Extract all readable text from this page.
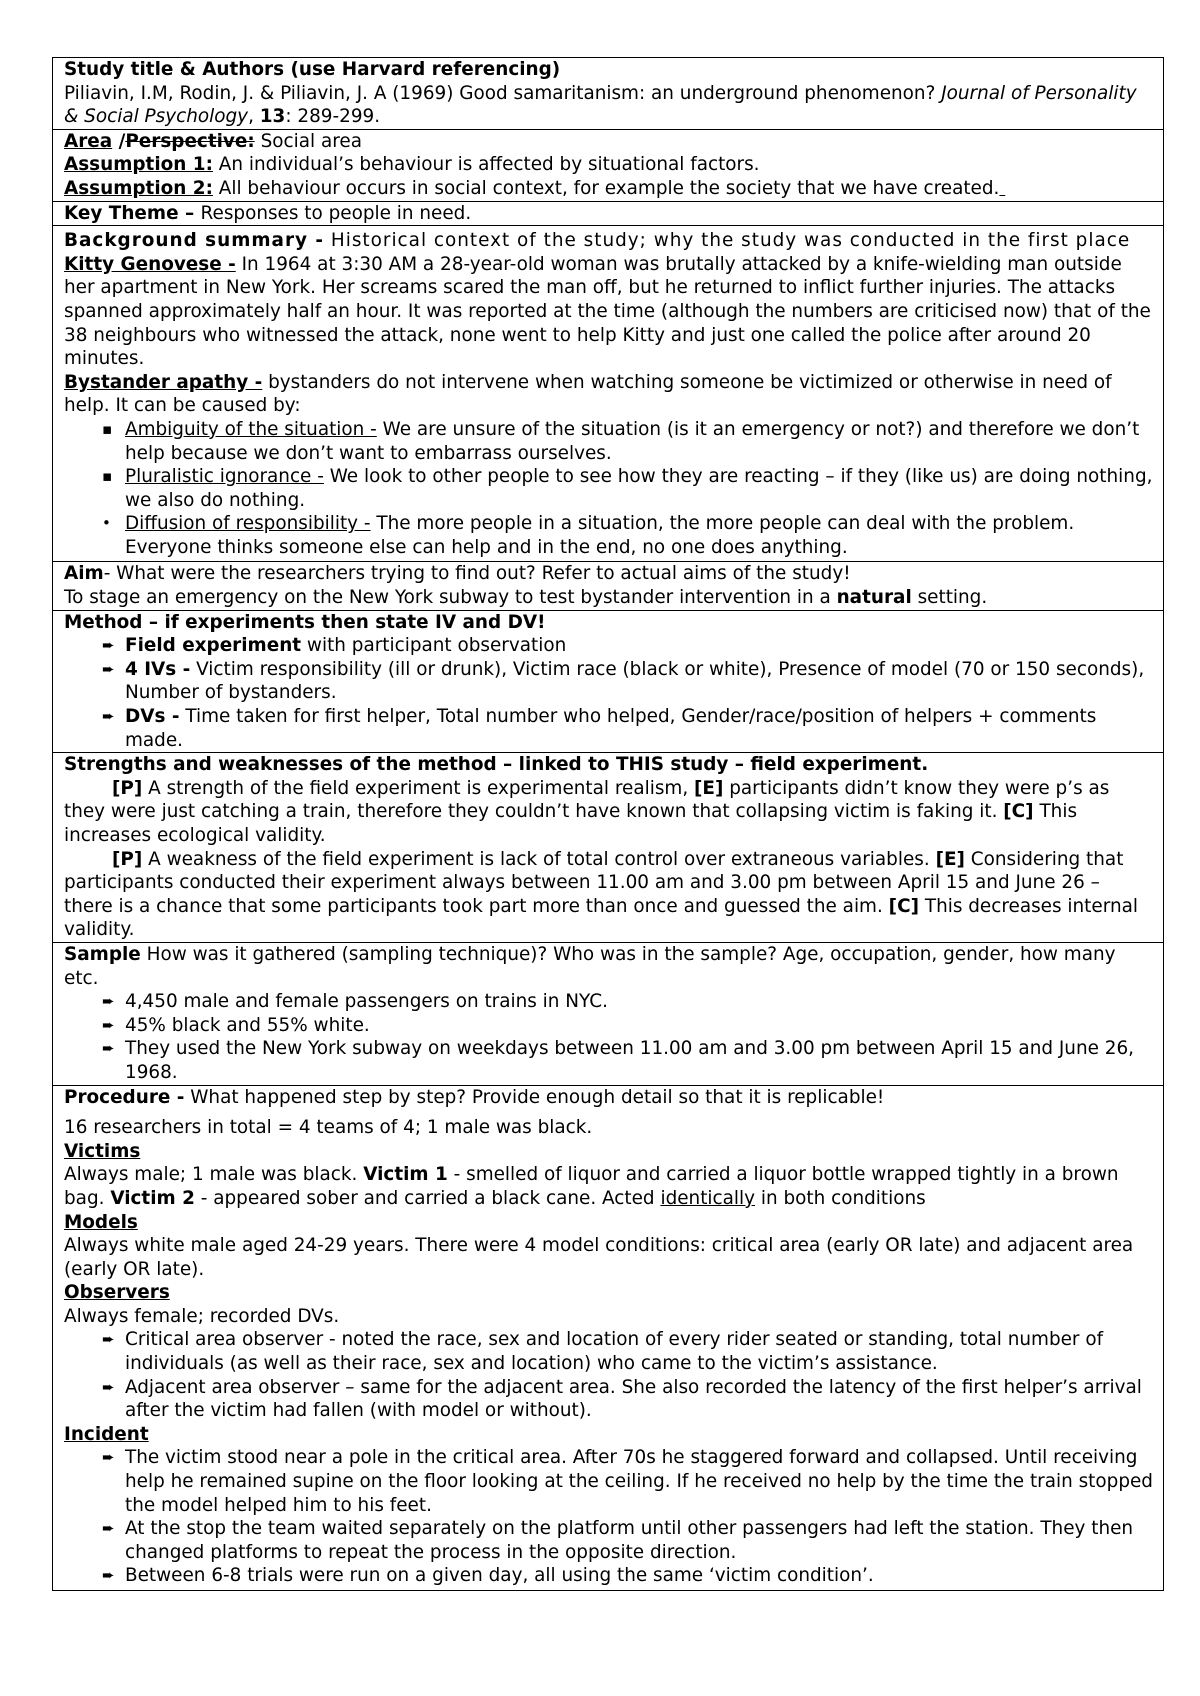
Study title & Authors (use Harvard referencing)
Piliavin, I.M, Rodin, J. & Piliavin, J. A (1969) Good samaritanism: an underground phenomenon? Journal of Personality & Social Psychology, 13: 289-299.
Area /Perspective: Social area
Assumption 1: An individual’s behaviour is affected by situational factors.
Assumption 2: All behaviour occurs in social context, for example the society that we have created.
Key Theme – Responses to people in need.
Background summary - Historical context of the study; why the study was conducted in the first place
Kitty Genovese - In 1964 at 3:30 AM a 28-year-old woman was brutally attacked by a knife-wielding man outside her apartment in New York. Her screams scared the man off, but he returned to inflict further injuries. The attacks spanned approximately half an hour. It was reported at the time (although the numbers are criticised now) that of the 38 neighbours who witnessed the attack, none went to help Kitty and just one called the police after around 20 minutes.
Bystander apathy - bystanders do not intervene when watching someone be victimized or otherwise in need of help. It can be caused by:
▪ Ambiguity of the situation - We are unsure of the situation (is it an emergency or not?) and therefore we don’t help because we don’t want to embarrass ourselves.
▪ Pluralistic ignorance - We look to other people to see how they are reacting – if they (like us) are doing nothing, we also do nothing.
• Diffusion of responsibility - The more people in a situation, the more people can deal with the problem. Everyone thinks someone else can help and in the end, no one does anything.
Aim- What were the researchers trying to find out? Refer to actual aims of the study!
To stage an emergency on the New York subway to test bystander intervention in a natural setting.
Method – if experiments then state IV and DV!
➨ Field experiment with participant observation
➨ 4 IVs - Victim responsibility (ill or drunk), Victim race (black or white), Presence of model (70 or 150 seconds), Number of bystanders.
➨ DVs - Time taken for first helper, Total number who helped, Gender/race/position of helpers + comments made.
Strengths and weaknesses of the method – linked to THIS study – field experiment.
[P] A strength of the field experiment is experimental realism, [E] participants didn’t know they were p’s as they were just catching a train, therefore they couldn’t have known that collapsing victim is faking it. [C] This increases ecological validity.
[P] A weakness of the field experiment is lack of total control over extraneous variables. [E] Considering that participants conducted their experiment always between 11.00 am and 3.00 pm between April 15 and June 26 – there is a chance that some participants took part more than once and guessed the aim. [C] This decreases internal validity.
Sample How was it gathered (sampling technique)? Who was in the sample? Age, occupation, gender, how many etc.
➨ 4,450 male and female passengers on trains in NYC.
➨ 45% black and 55% white.
➨ They used the New York subway on weekdays between 11.00 am and 3.00 pm between April 15 and June 26, 1968.
Procedure - What happened step by step? Provide enough detail so that it is replicable!
16 researchers in total = 4 teams of 4; 1 male was black.
Victims
Always male; 1 male was black. Victim 1 - smelled of liquor and carried a liquor bottle wrapped tightly in a brown bag. Victim 2 - appeared sober and carried a black cane. Acted identically in both conditions
Models
Always white male aged 24-29 years. There were 4 model conditions: critical area (early OR late) and adjacent area (early OR late).
Observers
Always female; recorded DVs.
➨ Critical area observer - noted the race, sex and location of every rider seated or standing, total number of individuals (as well as their race, sex and location) who came to the victim’s assistance.
➨ Adjacent area observer – same for the adjacent area. She also recorded the latency of the first helper’s arrival after the victim had fallen (with model or without).
Incident
➨ The victim stood near a pole in the critical area. After 70s he staggered forward and collapsed. Until receiving help he remained supine on the floor looking at the ceiling. If he received no help by the time the train stopped the model helped him to his feet.
➨ At the stop the team waited separately on the platform until other passengers had left the station. They then changed platforms to repeat the process in the opposite direction.
➨ Between 6-8 trials were run on a given day, all using the same ‘victim condition’.
